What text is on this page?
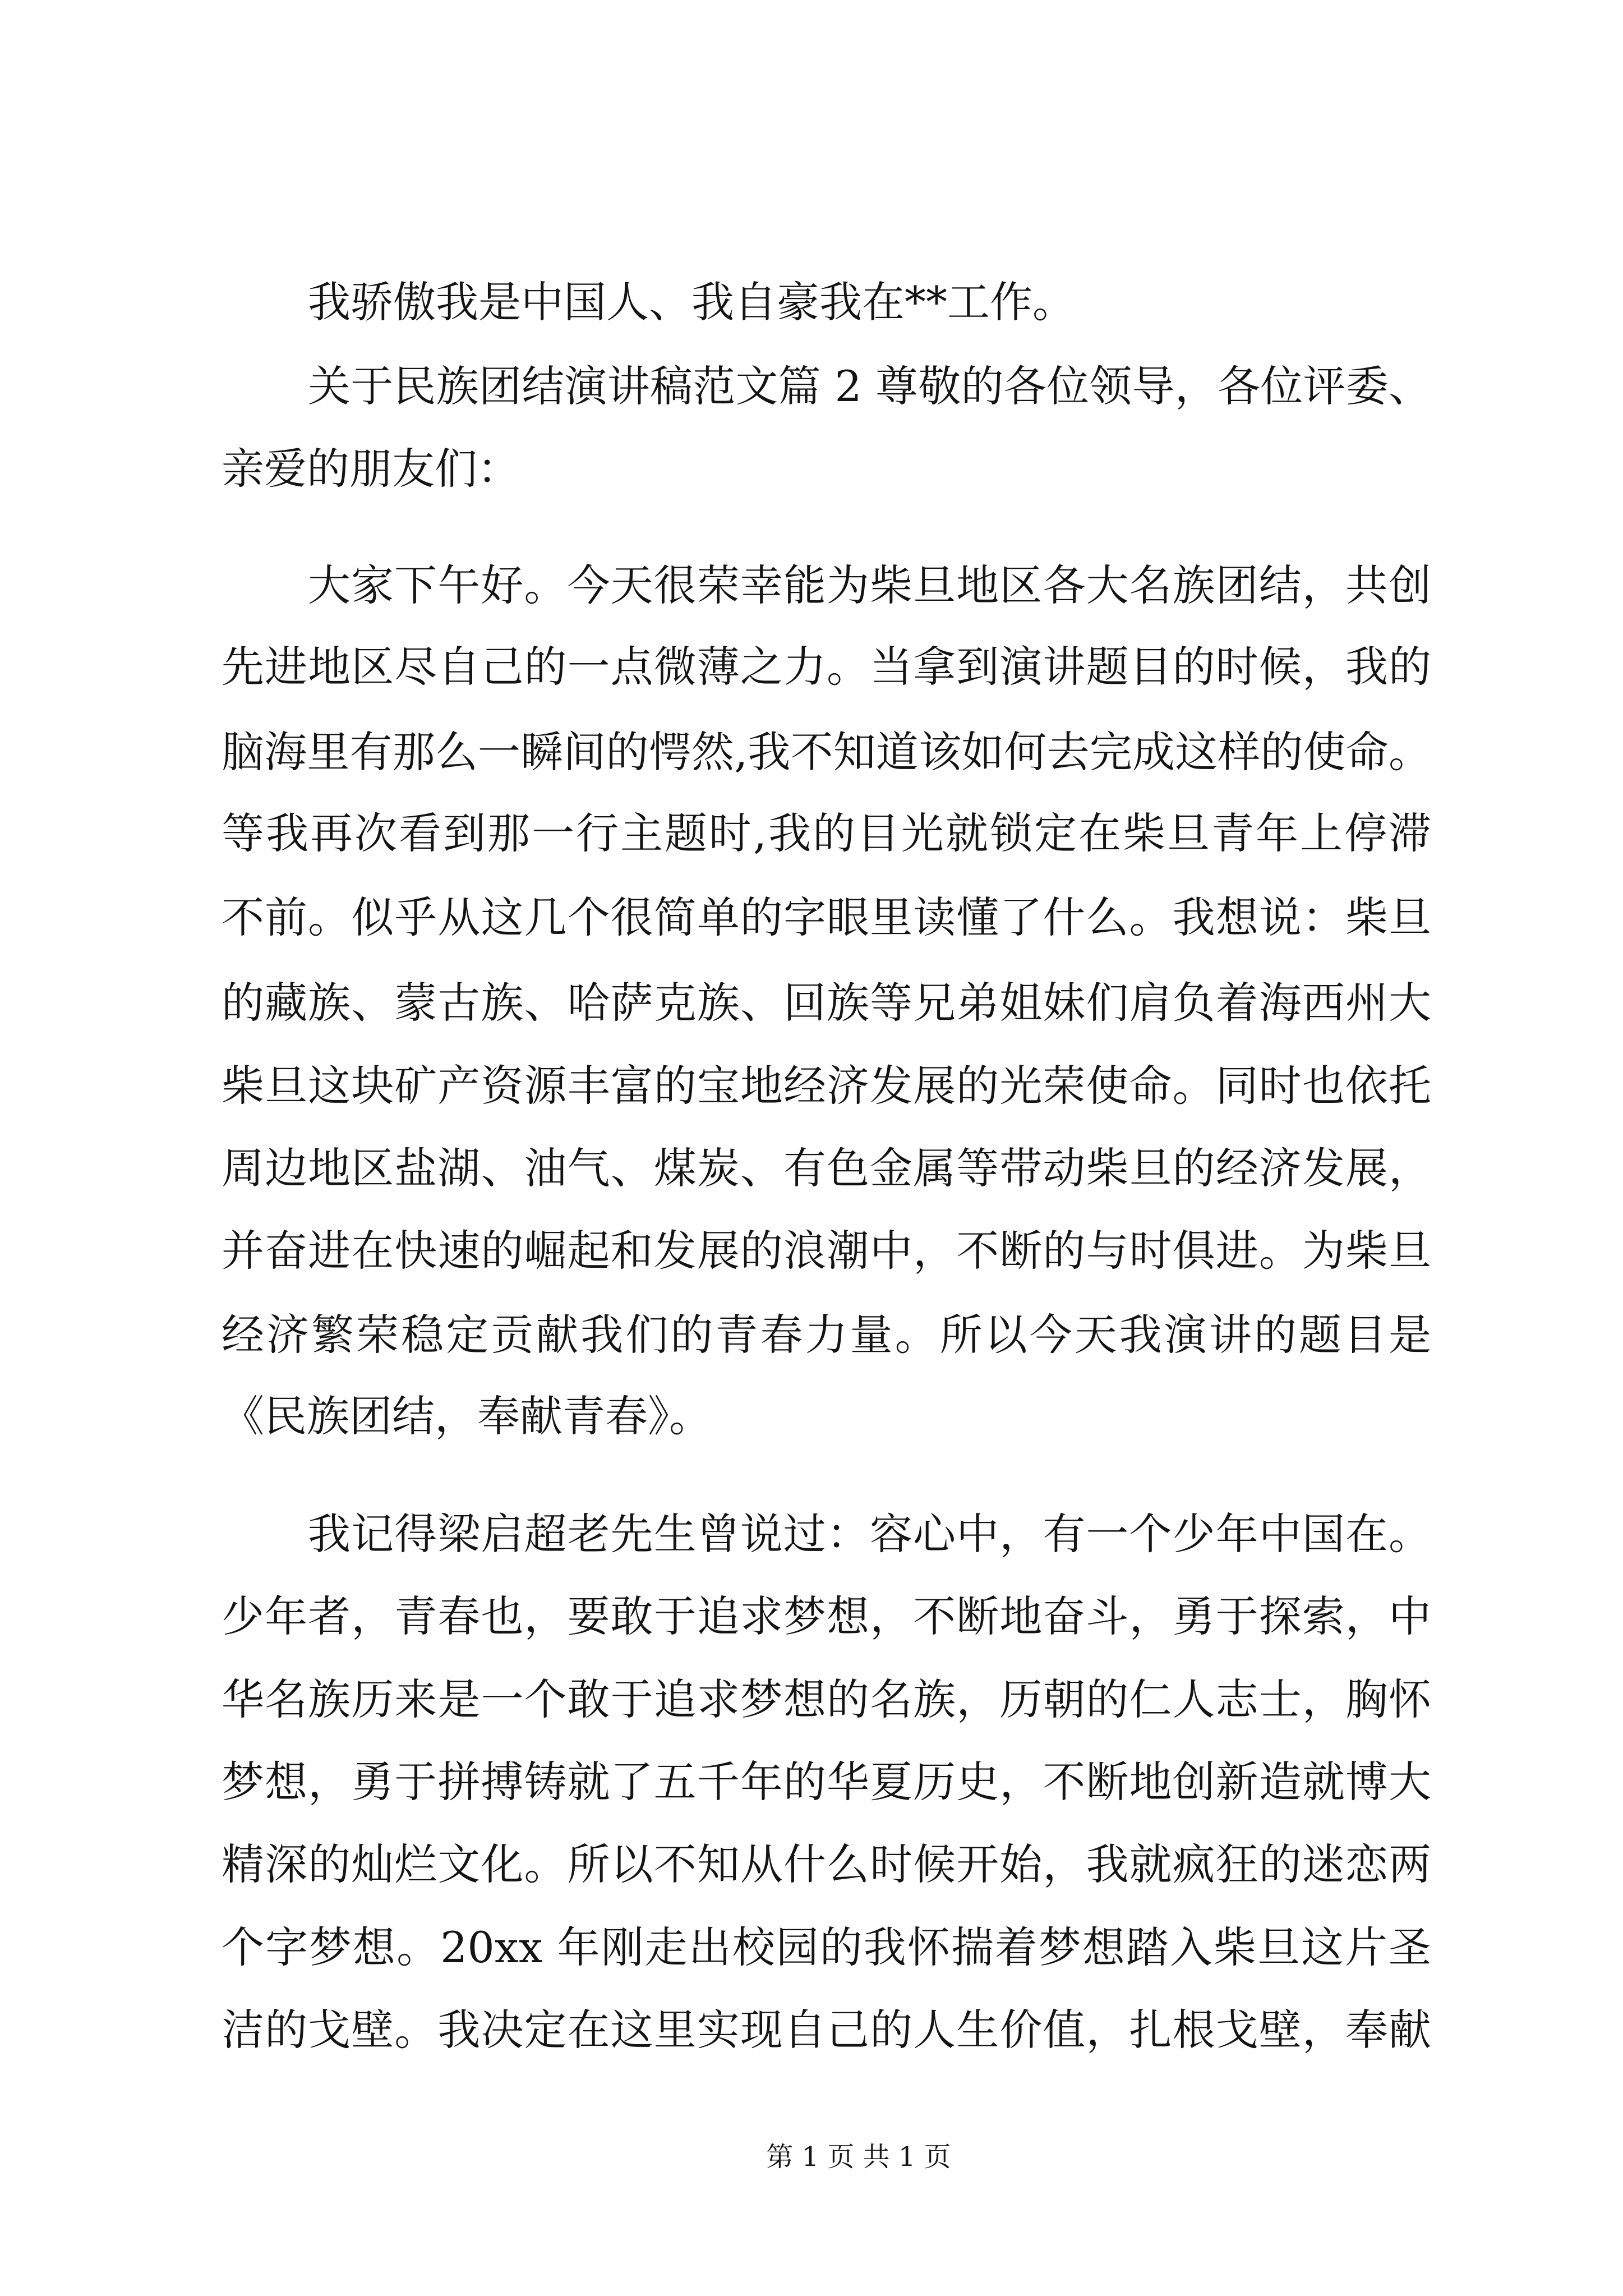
我骄傲我是中国人、我自豪我在**工作。
关于民族团结演讲稿范文篇 2 尊敬的各位领导，各位评委、
亲爱的朋友们：
大家下午好。今天很荣幸能为柴旦地区各大名族团结，共创
先进地区尽自己的一点微薄之力。当拿到演讲题目的时候，我的
脑海里有那么一瞬间的愕然,我不知道该如何去完成这样的使命。
等我再次看到那一行主题时,我的目光就锁定在柴旦青年上停滞
不前。似乎从这几个很简单的字眼里读懂了什么。我想说：柴旦
的藏族、蒙古族、哈萨克族、回族等兄弟姐妹们肩负着海西州大
柴旦这块矿产资源丰富的宝地经济发展的光荣使命。同时也依托
周边地区盐湖、油气、煤炭、有色金属等带动柴旦的经济发展，
并奋进在快速的崛起和发展的浪潮中，不断的与时俱进。为柴旦
经济繁荣稳定贡献我们的青春力量。所以今天我演讲的题目是
《民族团结，奉献青春》。
我记得梁启超老先生曾说过：容心中，有一个少年中国在。
少年者，青春也，要敢于追求梦想，不断地奋斗，勇于探索，中
华名族历来是一个敢于追求梦想的名族，历朝的仁人志士，胸怀
梦想，勇于拼搏铸就了五千年的华夏历史，不断地创新造就博大
精深的灿烂文化。所以不知从什么时候开始，我就疯狂的迷恋两
个字梦想。20xx 年刚走出校园的我怀揣着梦想踏入柴旦这片圣
洁的戈壁。我决定在这里实现自己的人生价值，扎根戈壁，奉献
第 1 页 共 1 页
